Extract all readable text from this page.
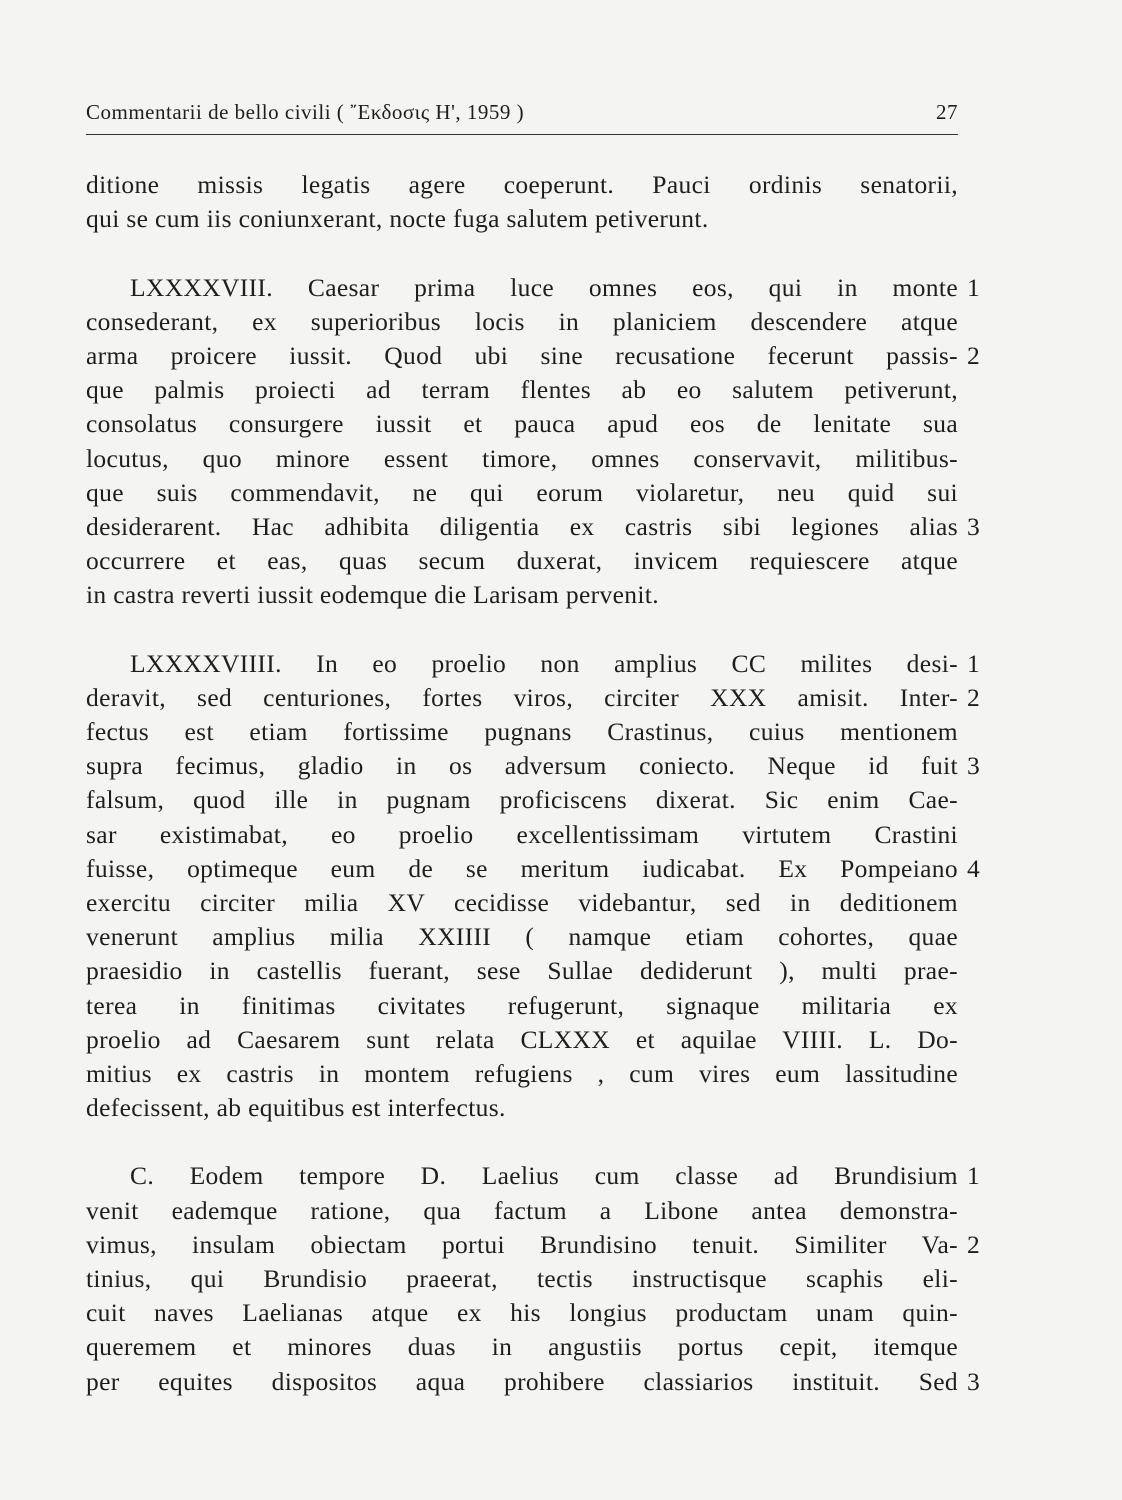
Commentarii de bello civili ( ῎Εκδοσις Η', 1959 )	27
ditione missis legatis agere coeperunt. Pauci ordinis senatorii,
qui se cum iis coniunxerant, nocte fuga salutem petiverunt.
LXXXXVIII. Caesar prima luce omnes eos, qui in monte 1
consederant, ex superioribus locis in planiciem descendere atque
arma proicere iussit. Quod ubi sine recusatione fecerunt passis- 2
que palmis proiecti ad terram flentes ab eo salutem petiverunt,
consolatus consurgere iussit et pauca apud eos de lenitate sua
locutus, quo minore essent timore, omnes conservavit, militibus-
que suis commendavit, ne qui eorum violaretur, neu quid sui
desiderarent. Hac adhibita diligentia ex castris sibi legiones alias 3
occurrere et eas, quas secum duxerat, invicem requiescere atque
in castra reverti iussit eodemque die Larisam pervenit.
LXXXXVIIII. In eo proelio non amplius CC milites desi- 1
deravit, sed centuriones, fortes viros, circiter XXX amisit. Inter- 2
fectus est etiam fortissime pugnans Crastinus, cuius mentionem
supra fecimus, gladio in os adversum coniecto. Neque id fuit 3
falsum, quod ille in pugnam proficiscens dixerat. Sic enim Cae-
sar existimabat, eo proelio excellentissimam virtutem Crastini
fuisse, optimeque eum de se meritum iudicabat. Ex Pompeiano 4
exercitu circiter milia XV cecidisse videbantur, sed in deditionem
venerunt amplius milia XXIIII ( namque etiam cohortes, quae
praesidio in castellis fuerant, sese Sullae dediderunt ), multi prae-
terea in finitimas civitates refugerunt, signaque militaria ex
proelio ad Caesarem sunt relata CLXXX et aquilae VIIII. L. Do-
mitius ex castris in montem refugiens , cum vires eum lassitudine
defecissent, ab equitibus est interfectus.
C. Eodem tempore D. Laelius cum classe ad Brundisium 1
venit eademque ratione, qua factum a Libone antea demonstra-
vimus, insulam obiectam portui Brundisino tenuit. Similiter Va- 2
tinius, qui Brundisio praeerat, tectis instructisque scaphis eli-
cuit naves Laelianas atque ex his longius productam unam quin-
queremem et minores duas in angustiis portus cepit, itemque
per equites dispositos aqua prohibere classiarios instituit. Sed 3
